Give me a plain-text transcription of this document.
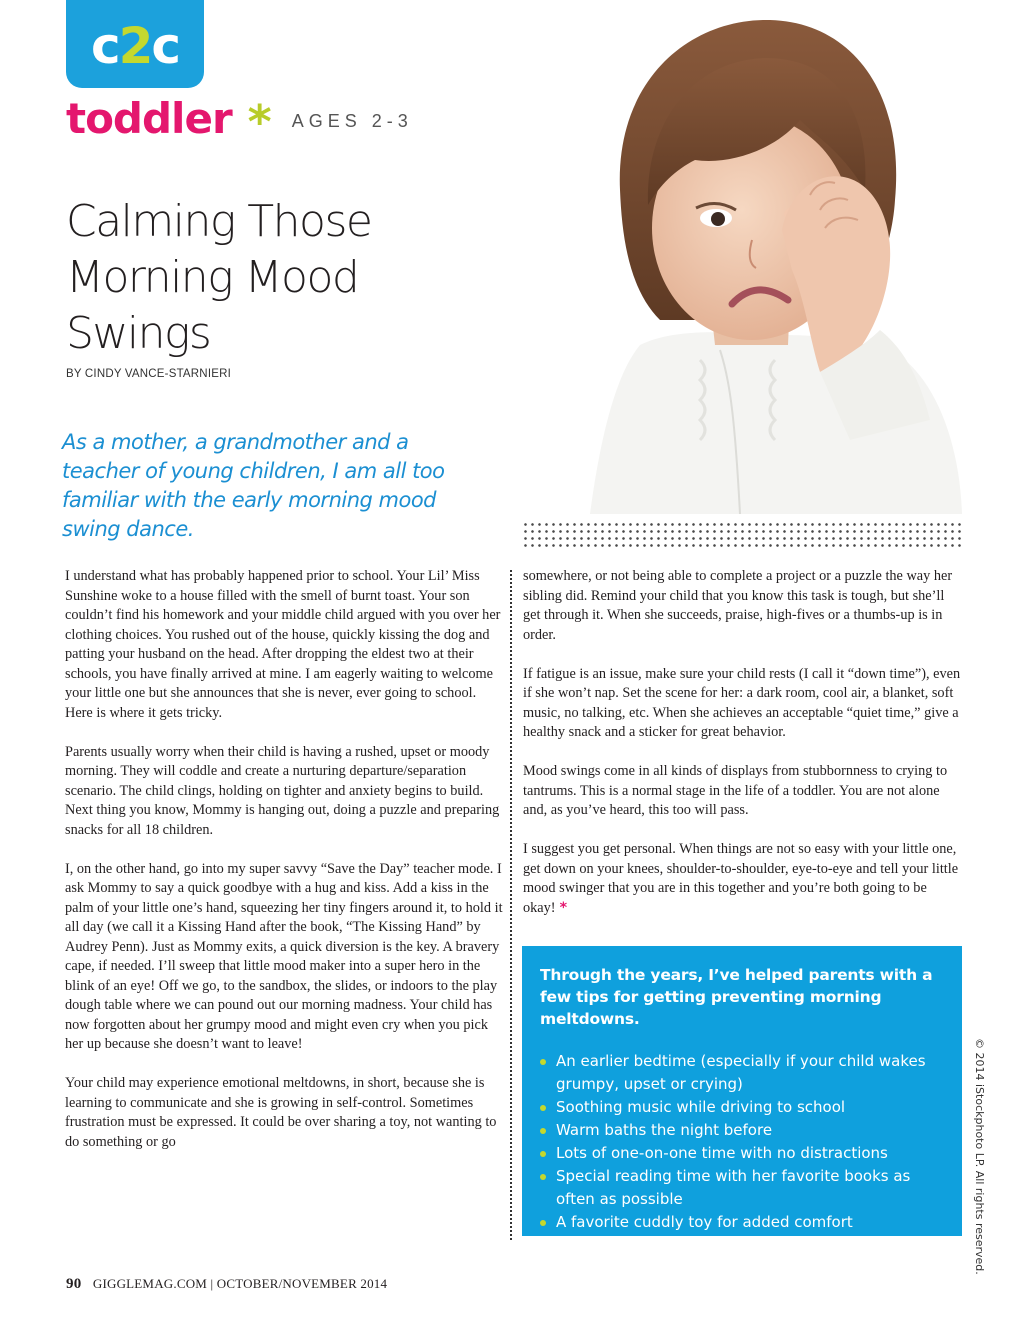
c2c
toddler * AGES 2-3
Calming Those
Morning Mood
Swings
BY CINDY VANCE-STARNIERI
As a mother, a grandmother and a teacher of young children, I am all too familiar with the early morning mood swing dance.

I understand what has probably happened prior to school. Your Lil’ Miss Sunshine woke to a house filled with the smell of burnt toast. Your son couldn’t find his homework and your middle child argued with you over her clothing choices. You rushed out of the house, quickly kissing the dog and patting your husband on the head. After dropping the eldest two at their schools, you have finally arrived at mine. I am eagerly waiting to welcome your little one but she announces that she is never, ever going to school. Here is where it gets tricky.

Parents usually worry when their child is having a rushed, upset or moody morning. They will coddle and create a nurturing departure/separation scenario. The child clings, holding on tighter and anxiety begins to build. Next thing you know, Mommy is hanging out, doing a puzzle and preparing snacks for all 18 children.

I, on the other hand, go into my super savvy “Save the Day” teacher mode. I ask Mommy to say a quick goodbye with a hug and kiss. Add a kiss in the palm of your little one’s hand, squeezing her tiny fingers around it, to hold it all day (we call it a Kissing Hand after the book, “The Kissing Hand” by Audrey Penn). Just as Mommy exits, a quick diversion is the key. A bravery cape, if needed. I’ll sweep that little mood maker into a super hero in the blink of an eye! Off we go, to the sandbox, the slides, or indoors to the play dough table where we can pound out our morning madness. Your child has now forgotten about her grumpy mood and might even cry when you pick her up because she doesn’t want to leave!

Your child may experience emotional meltdowns, in short, because she is learning to communicate and she is growing in self-control. Sometimes frustration must be expressed. It could be over sharing a toy, not wanting to do something or go

somewhere, or not being able to complete a project or a puzzle the way her sibling did. Remind your child that you know this task is tough, but she’ll get through it. When she succeeds, praise, high-fives or a thumbs-up is in order.

If fatigue is an issue, make sure your child rests (I call it “down time”), even if she won’t nap. Set the scene for her: a dark room, cool air, a blanket, soft music, no talking, etc. When she achieves an acceptable “quiet time,” give a healthy snack and a sticker for great behavior.

Mood swings come in all kinds of displays from stubbornness to crying to tantrums. This is a normal stage in the life of a toddler. You are not alone and, as you’ve heard, this too will pass.

I suggest you get personal. When things are not so easy with your little one, get down on your knees, shoulder-to-shoulder, eye-to-eye and tell your little mood swinger that you are in this together and you’re both going to be okay! *

Through the years, I’ve helped parents with a few tips for getting preventing morning meltdowns.
An earlier bedtime (especially if your child wakes grumpy, upset or crying)
Soothing music while driving to school
Warm baths the night before
Lots of one-on-one time with no distractions
Special reading time with her favorite books as often as possible
A favorite cuddly toy for added comfort	© 2014 iStockphoto LP. All rights reserved.
90 GIGGLEMAG.COM | OCTOBER/NOVEMBER 2014
